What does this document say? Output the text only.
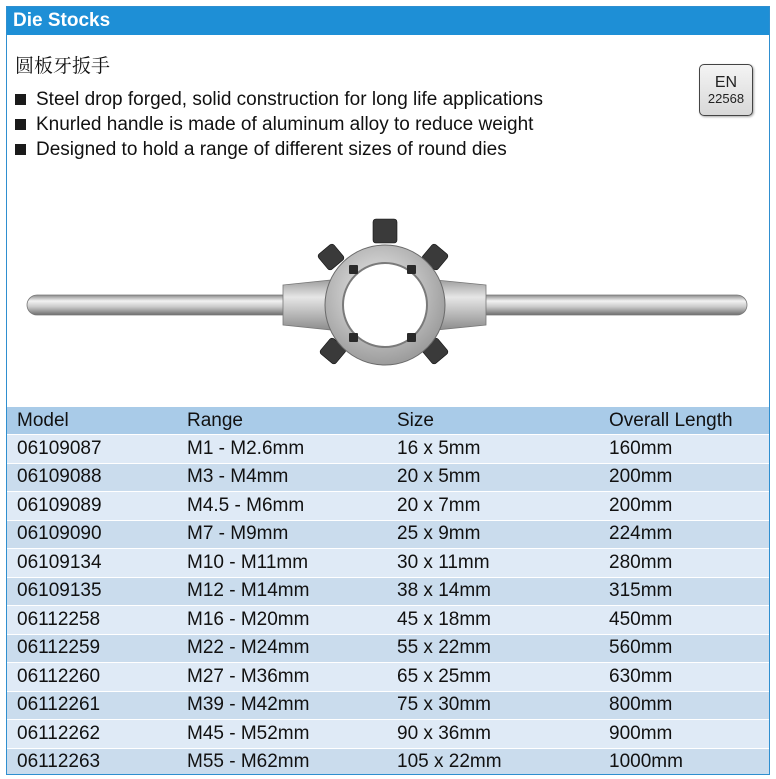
Die Stocks
圆板牙扳手
Steel drop forged, solid construction for long life applications
Knurled handle is made of aluminum alloy to reduce weight
Designed to hold a range of different sizes of round dies
EN
22568
Model	Range	Size	Overall Length
06109087	M1 - M2.6mm	16 x 5mm	160mm
06109088	M3 - M4mm	20 x 5mm	200mm
06109089	M4.5 - M6mm	20 x 7mm	200mm
06109090	M7 - M9mm	25 x 9mm	224mm
06109134	M10 - M11mm	30 x 11mm	280mm
06109135	M12 - M14mm	38 x 14mm	315mm
06112258	M16 - M20mm	45 x 18mm	450mm
06112259	M22 - M24mm	55 x 22mm	560mm
06112260	M27 - M36mm	65 x 25mm	630mm
06112261	M39 - M42mm	75 x 30mm	800mm
06112262	M45 - M52mm	90 x 36mm	900mm
06112263	M55 - M62mm	105 x 22mm	1000mm
